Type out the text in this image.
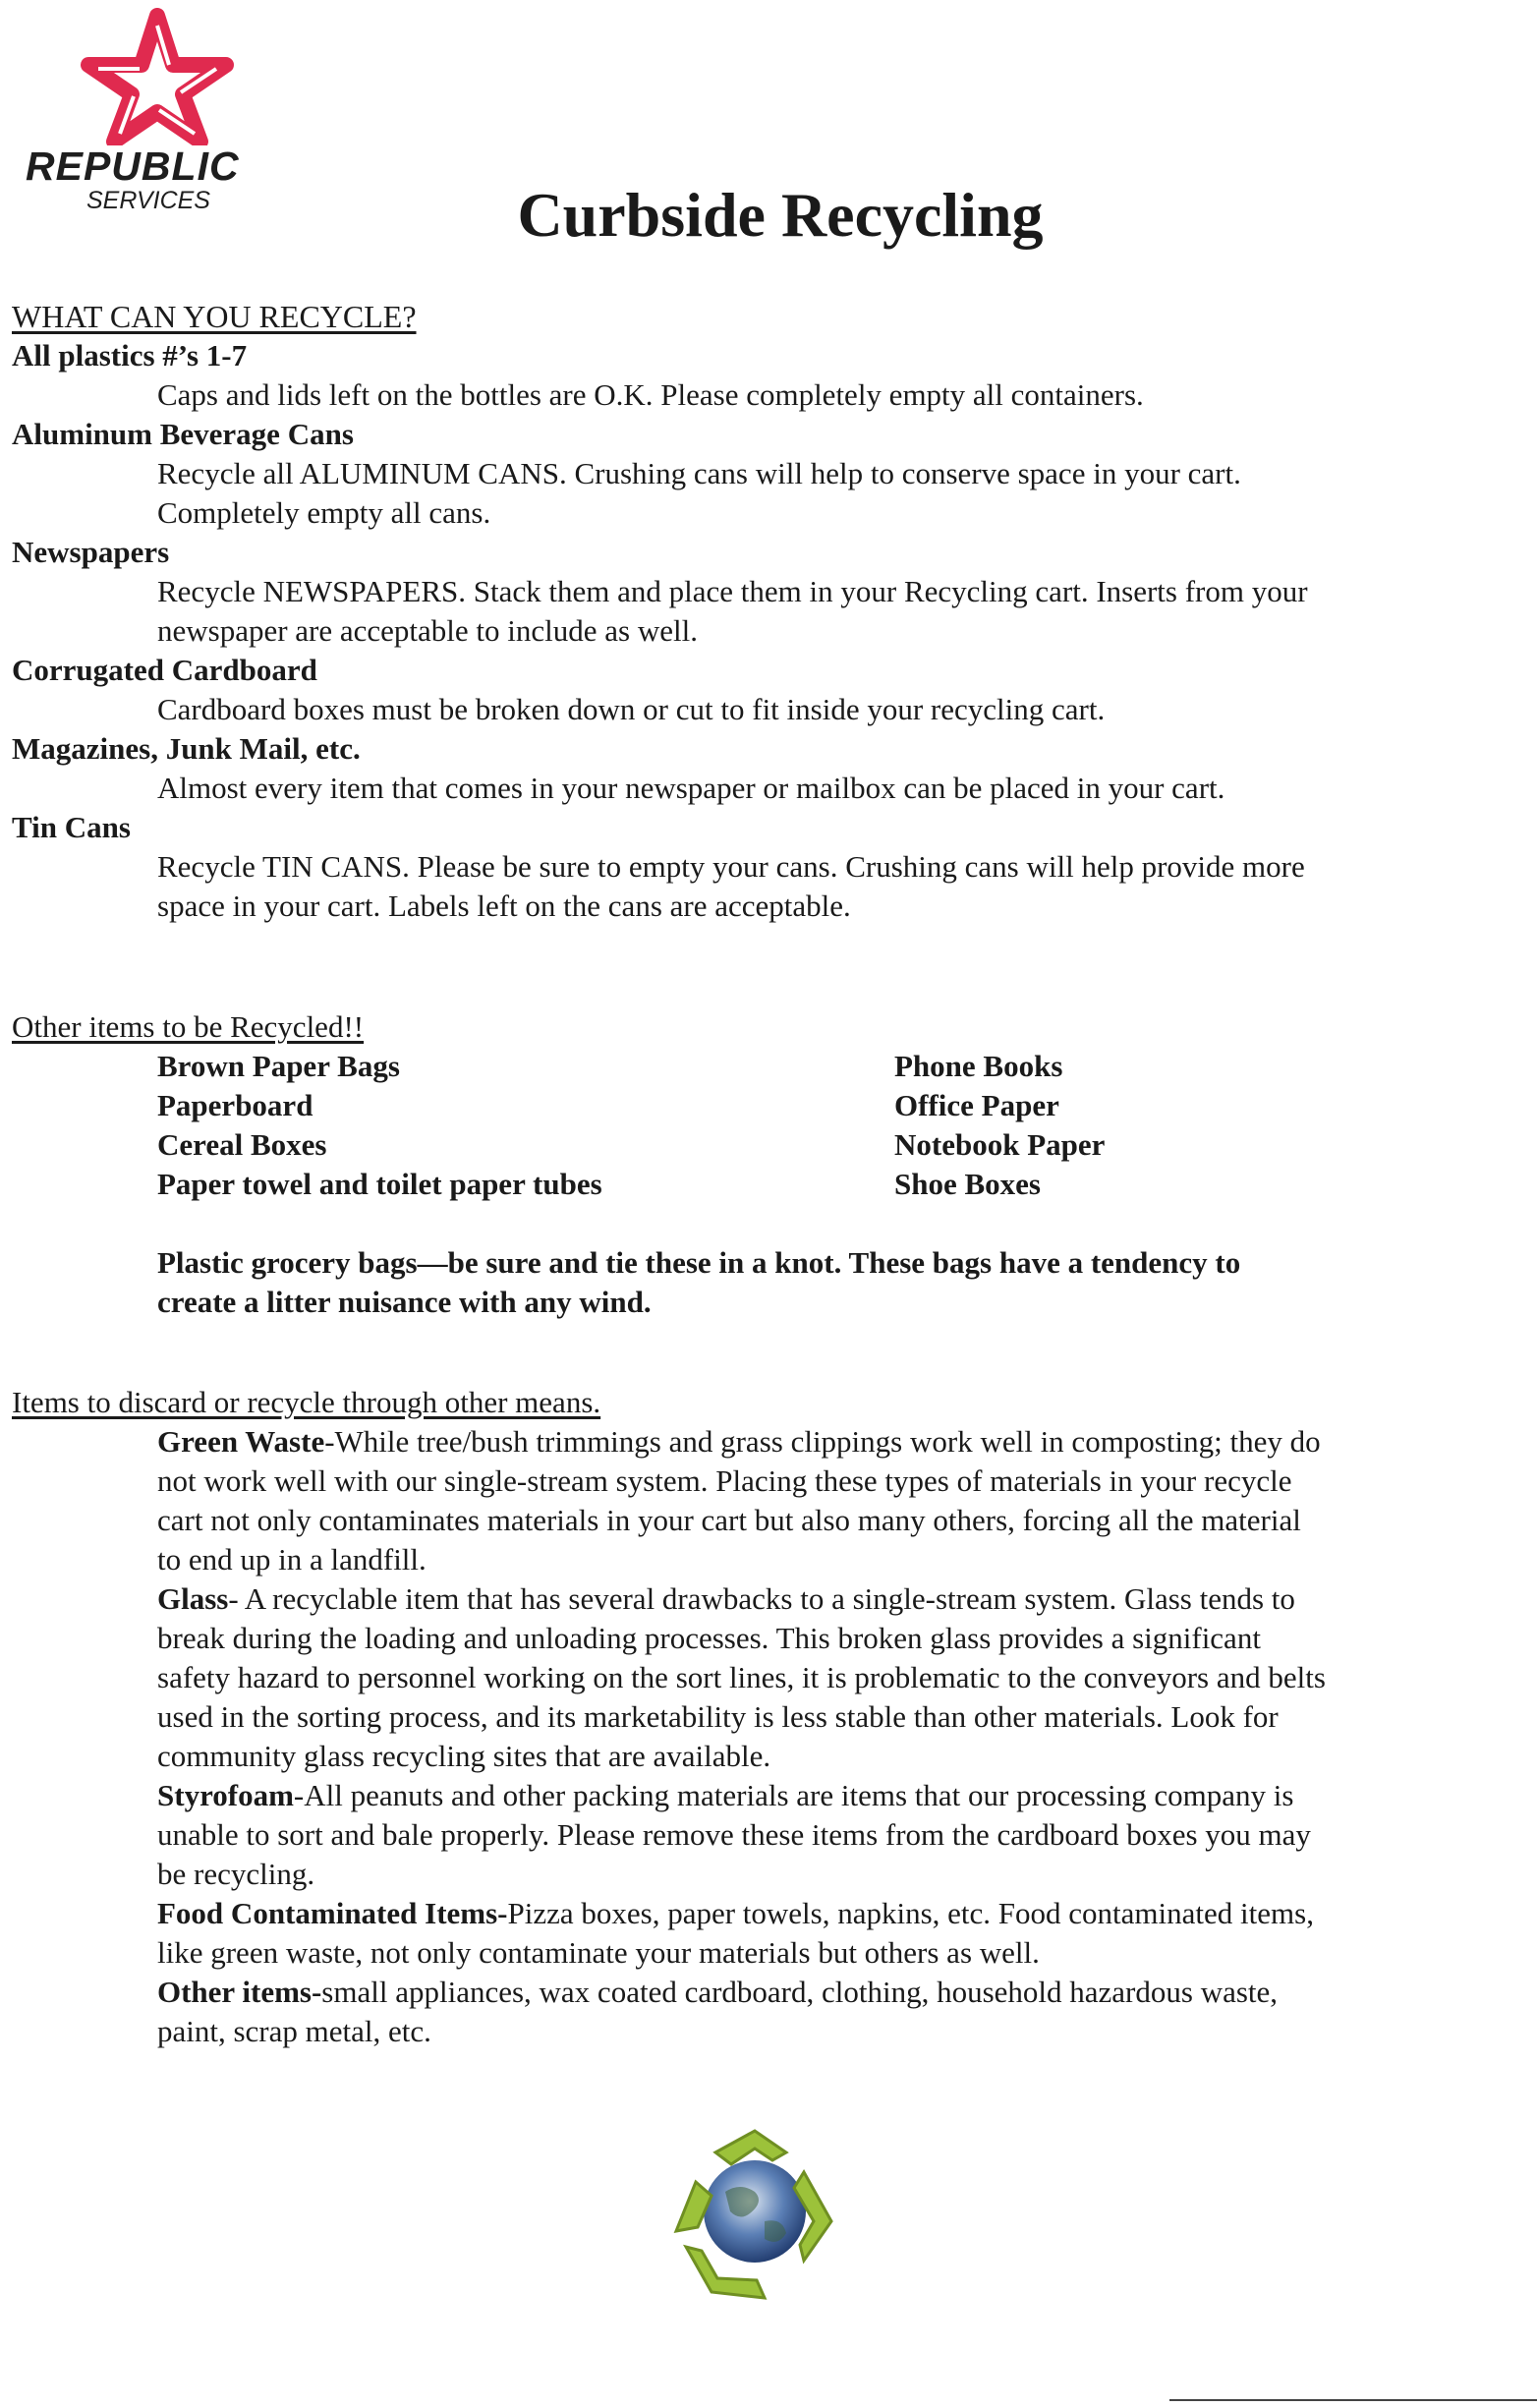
REPUBLIC
SERVICES	Curbside Recycling
WHAT CAN YOU RECYCLE?
All plastics #’s 1-7
Caps and lids left on the bottles are O.K. Please completely empty all containers.
Aluminum Beverage Cans
Recycle all ALUMINUM CANS. Crushing cans will help to conserve space in your cart.
Completely empty all cans.
Newspapers
Recycle NEWSPAPERS. Stack them and place them in your Recycling cart. Inserts from your
newspaper are acceptable to include as well.
Corrugated Cardboard
Cardboard boxes must be broken down or cut to fit inside your recycling cart.
Magazines, Junk Mail, etc.
Almost every item that comes in your newspaper or mailbox can be placed in your cart.
Tin Cans
Recycle TIN CANS. Please be sure to empty your cans. Crushing cans will help provide more
space in your cart. Labels left on the cans are acceptable.
Other items to be Recycled!!
Brown Paper Bags
Paperboard
Cereal Boxes
Paper towel and toilet paper tubes
Phone Books
Office Paper
Notebook Paper
Shoe Boxes
Plastic grocery bags—be sure and tie these in a knot. These bags have a tendency to
create a litter nuisance with any wind.
Items to discard or recycle through other means.
Green Waste-While tree/bush trimmings and grass clippings work well in composting; they do
not work well with our single-stream system. Placing these types of materials in your recycle
cart not only contaminates materials in your cart but also many others, forcing all the material
to end up in a landfill.
Glass- A recyclable item that has several drawbacks to a single-stream system. Glass tends to
break during the loading and unloading processes. This broken glass provides a significant
safety hazard to personnel working on the sort lines, it is problematic to the conveyors and belts
used in the sorting process, and its marketability is less stable than other materials. Look for
community glass recycling sites that are available.
Styrofoam-All peanuts and other packing materials are items that our processing company is
unable to sort and bale properly. Please remove these items from the cardboard boxes you may
be recycling.
Food Contaminated Items-Pizza boxes, paper towels, napkins, etc. Food contaminated items,
like green waste, not only contaminate your materials but others as well.
Other items-small appliances, wax coated cardboard, clothing, household hazardous waste,
paint, scrap metal, etc.
